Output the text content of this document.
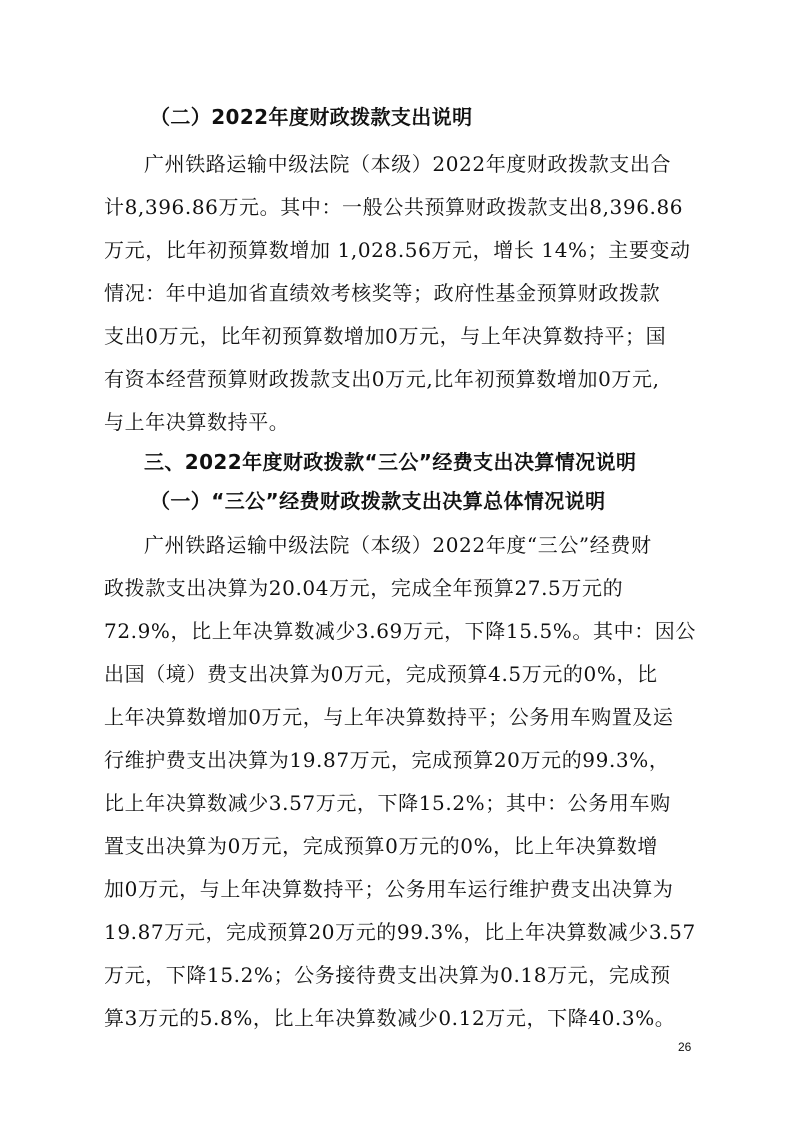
（二）2022年度财政拨款支出说明

广州铁路运输中级法院（本级）2022年度财政拨款支出合

计8,396.86万元。其中：一般公共预算财政拨款支出8,396.86

万元，比年初预算数增加 1,028.56万元，增长 14%；主要变动

情况：年中追加省直绩效考核奖等；政府性基金预算财政拨款

支出0万元，比年初预算数增加0万元，与上年决算数持平；国

有资本经营预算财政拨款支出0万元,比年初预算数增加0万元,

与上年决算数持平。

三、2022年度财政拨款“三公”经费支出决算情况说明
（一）“三公”经费财政拨款支出决算总体情况说明

广州铁路运输中级法院（本级）2022年度“三公”经费财

政拨款支出决算为20.04万元，完成全年预算27.5万元的

72.9%，比上年决算数减少3.69万元，下降15.5%。其中：因公

出国（境）费支出决算为0万元，完成预算4.5万元的0%，比

上年决算数增加0万元，与上年决算数持平；公务用车购置及运

行维护费支出决算为19.87万元，完成预算20万元的99.3%，

比上年决算数减少3.57万元，下降15.2%；其中：公务用车购

置支出决算为0万元，完成预算0万元的0%，比上年决算数增

加0万元，与上年决算数持平；公务用车运行维护费支出决算为

19.87万元，完成预算20万元的99.3%，比上年决算数减少3.57

万元，下降15.2%；公务接待费支出决算为0.18万元，完成预

算3万元的5.8%，比上年决算数减少0.12万元，下降40.3%。

26
